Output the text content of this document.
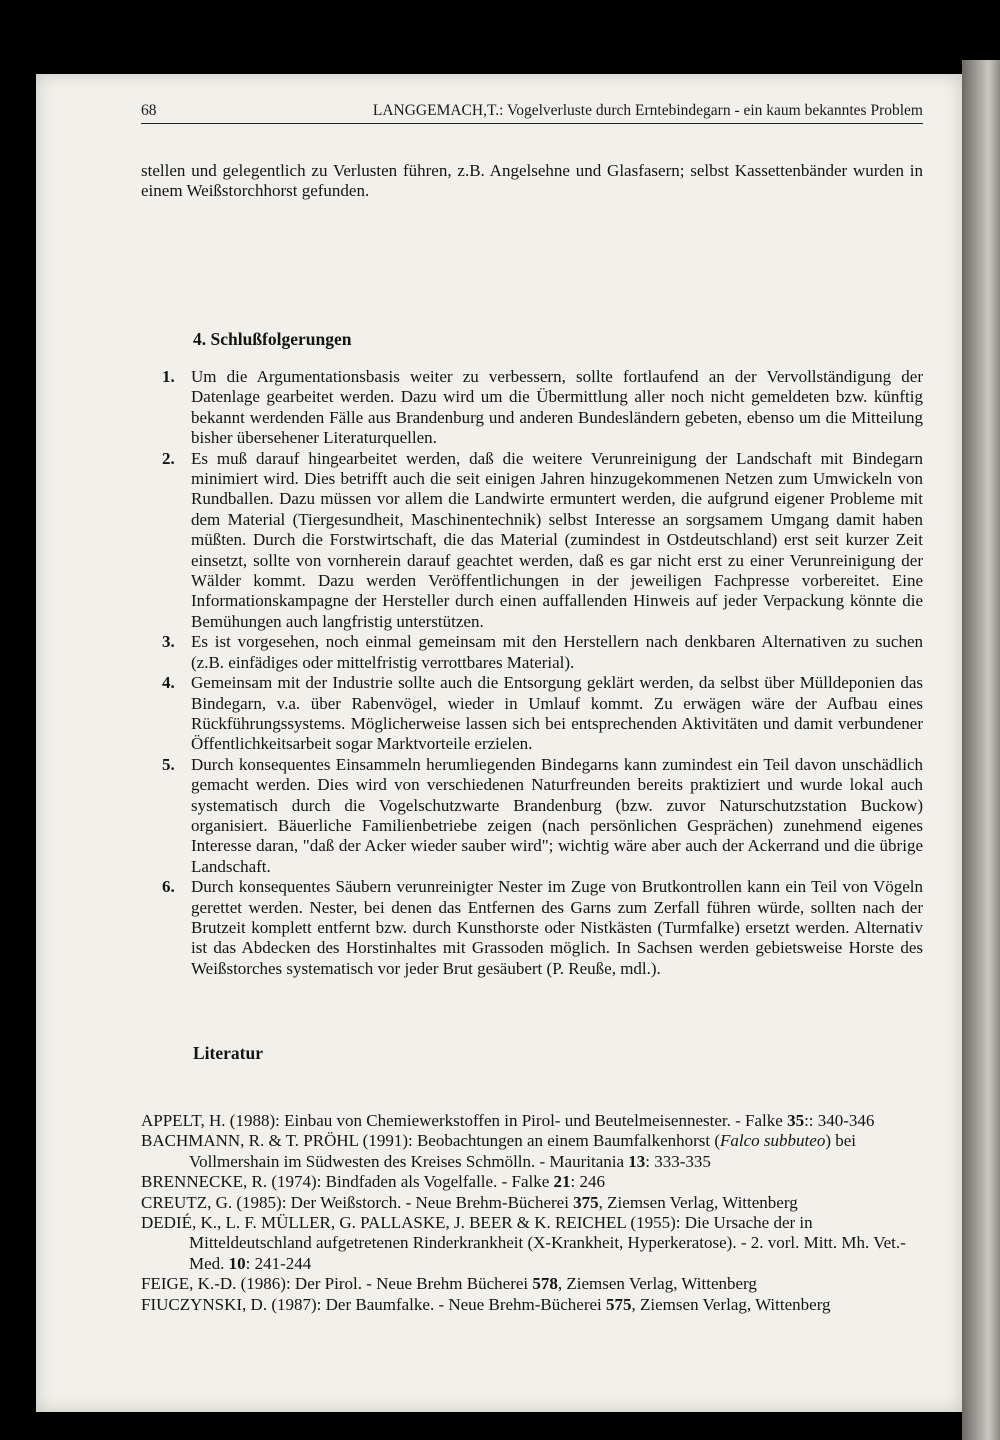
68	LANGGEMACH,T.: Vogelverluste durch Erntebindegarn - ein kaum bekanntes Problem

stellen und gelegentlich zu Verlusten führen, z.B. Angelsehne und Glasfasern; selbst Kassettenbänder wurden in einem Weißstorchhorst gefunden.

4. Schlußfolgerungen
1. Um die Argumentationsbasis weiter zu verbessern, sollte fortlaufend an der Vervollständigung der Datenlage gearbeitet werden. Dazu wird um die Übermittlung aller noch nicht gemeldeten bzw. künftig bekannt werdenden Fälle aus Brandenburg und anderen Bundesländern gebeten, ebenso um die Mitteilung bisher übersehener Literaturquellen.
2. Es muß darauf hingearbeitet werden, daß die weitere Verunreinigung der Landschaft mit Bindegarn minimiert wird. Dies betrifft auch die seit einigen Jahren hinzugekommenen Netzen zum Umwickeln von Rundballen. Dazu müssen vor allem die Landwirte ermuntert werden, die aufgrund eigener Probleme mit dem Material (Tiergesundheit, Maschinentechnik) selbst Interesse an sorgsamem Umgang damit haben müßten. Durch die Forstwirtschaft, die das Material (zumindest in Ostdeutschland) erst seit kurzer Zeit einsetzt, sollte von vornherein darauf geachtet werden, daß es gar nicht erst zu einer Verunreinigung der Wälder kommt. Dazu werden Veröffentlichungen in der jeweiligen Fachpresse vorbereitet. Eine Informationskampagne der Hersteller durch einen auffallenden Hinweis auf jeder Verpackung könnte die Bemühungen auch langfristig unterstützen.
3. Es ist vorgesehen, noch einmal gemeinsam mit den Herstellern nach denkbaren Alternativen zu suchen (z.B. einfädiges oder mittelfristig verrottbares Material).
4. Gemeinsam mit der Industrie sollte auch die Entsorgung geklärt werden, da selbst über Mülldeponien das Bindegarn, v.a. über Rabenvögel, wieder in Umlauf kommt. Zu erwägen wäre der Aufbau eines Rückführungssystems. Möglicherweise lassen sich bei entsprechenden Aktivitäten und damit verbundener Öffentlichkeitsarbeit sogar Marktvorteile erzielen.
5. Durch konsequentes Einsammeln herumliegenden Bindegarns kann zumindest ein Teil davon unschädlich gemacht werden. Dies wird von verschiedenen Naturfreunden bereits praktiziert und wurde lokal auch systematisch durch die Vogelschutzwarte Brandenburg (bzw. zuvor Naturschutzstation Buckow) organisiert. Bäuerliche Familienbetriebe zeigen (nach persönlichen Gesprächen) zunehmend eigenes Interesse daran, "daß der Acker wieder sauber wird"; wichtig wäre aber auch der Ackerrand und die übrige Landschaft.
6. Durch konsequentes Säubern verunreinigter Nester im Zuge von Brutkontrollen kann ein Teil von Vögeln gerettet werden. Nester, bei denen das Entfernen des Garns zum Zerfall führen würde, sollten nach der Brutzeit komplett entfernt bzw. durch Kunsthorste oder Nistkästen (Turmfalke) ersetzt werden. Alternativ ist das Abdecken des Horstinhaltes mit Grassoden möglich. In Sachsen werden gebietsweise Horste des Weißstorches systematisch vor jeder Brut gesäubert (P. Reuße, mdl.).
Literatur

APPELT, H. (1988): Einbau von Chemiewerkstoffen in Pirol- und Beutelmeisennester. - Falke 35:: 340-346

BACHMANN, R. & T. PRÖHL (1991): Beobachtungen an einem Baumfalkenhorst (Falco subbuteo) bei Vollmershain im Südwesten des Kreises Schmölln. - Mauritania 13: 333-335

BRENNECKE, R. (1974): Bindfaden als Vogelfalle. - Falke 21: 246

CREUTZ, G. (1985): Der Weißstorch. - Neue Brehm-Bücherei 375, Ziemsen Verlag, Wittenberg

DEDIÉ, K., L. F. MÜLLER, G. PALLASKE, J. BEER & K. REICHEL (1955): Die Ursache der in Mitteldeutschland aufgetretenen Rinderkrankheit (X-Krankheit, Hyperkeratose). - 2. vorl. Mitt. Mh. Vet.-Med. 10: 241-244

FEIGE, K.-D. (1986): Der Pirol. - Neue Brehm Bücherei 578, Ziemsen Verlag, Wittenberg

FIUCZYNSKI, D. (1987): Der Baumfalke. - Neue Brehm-Bücherei 575, Ziemsen Verlag, Wittenberg
